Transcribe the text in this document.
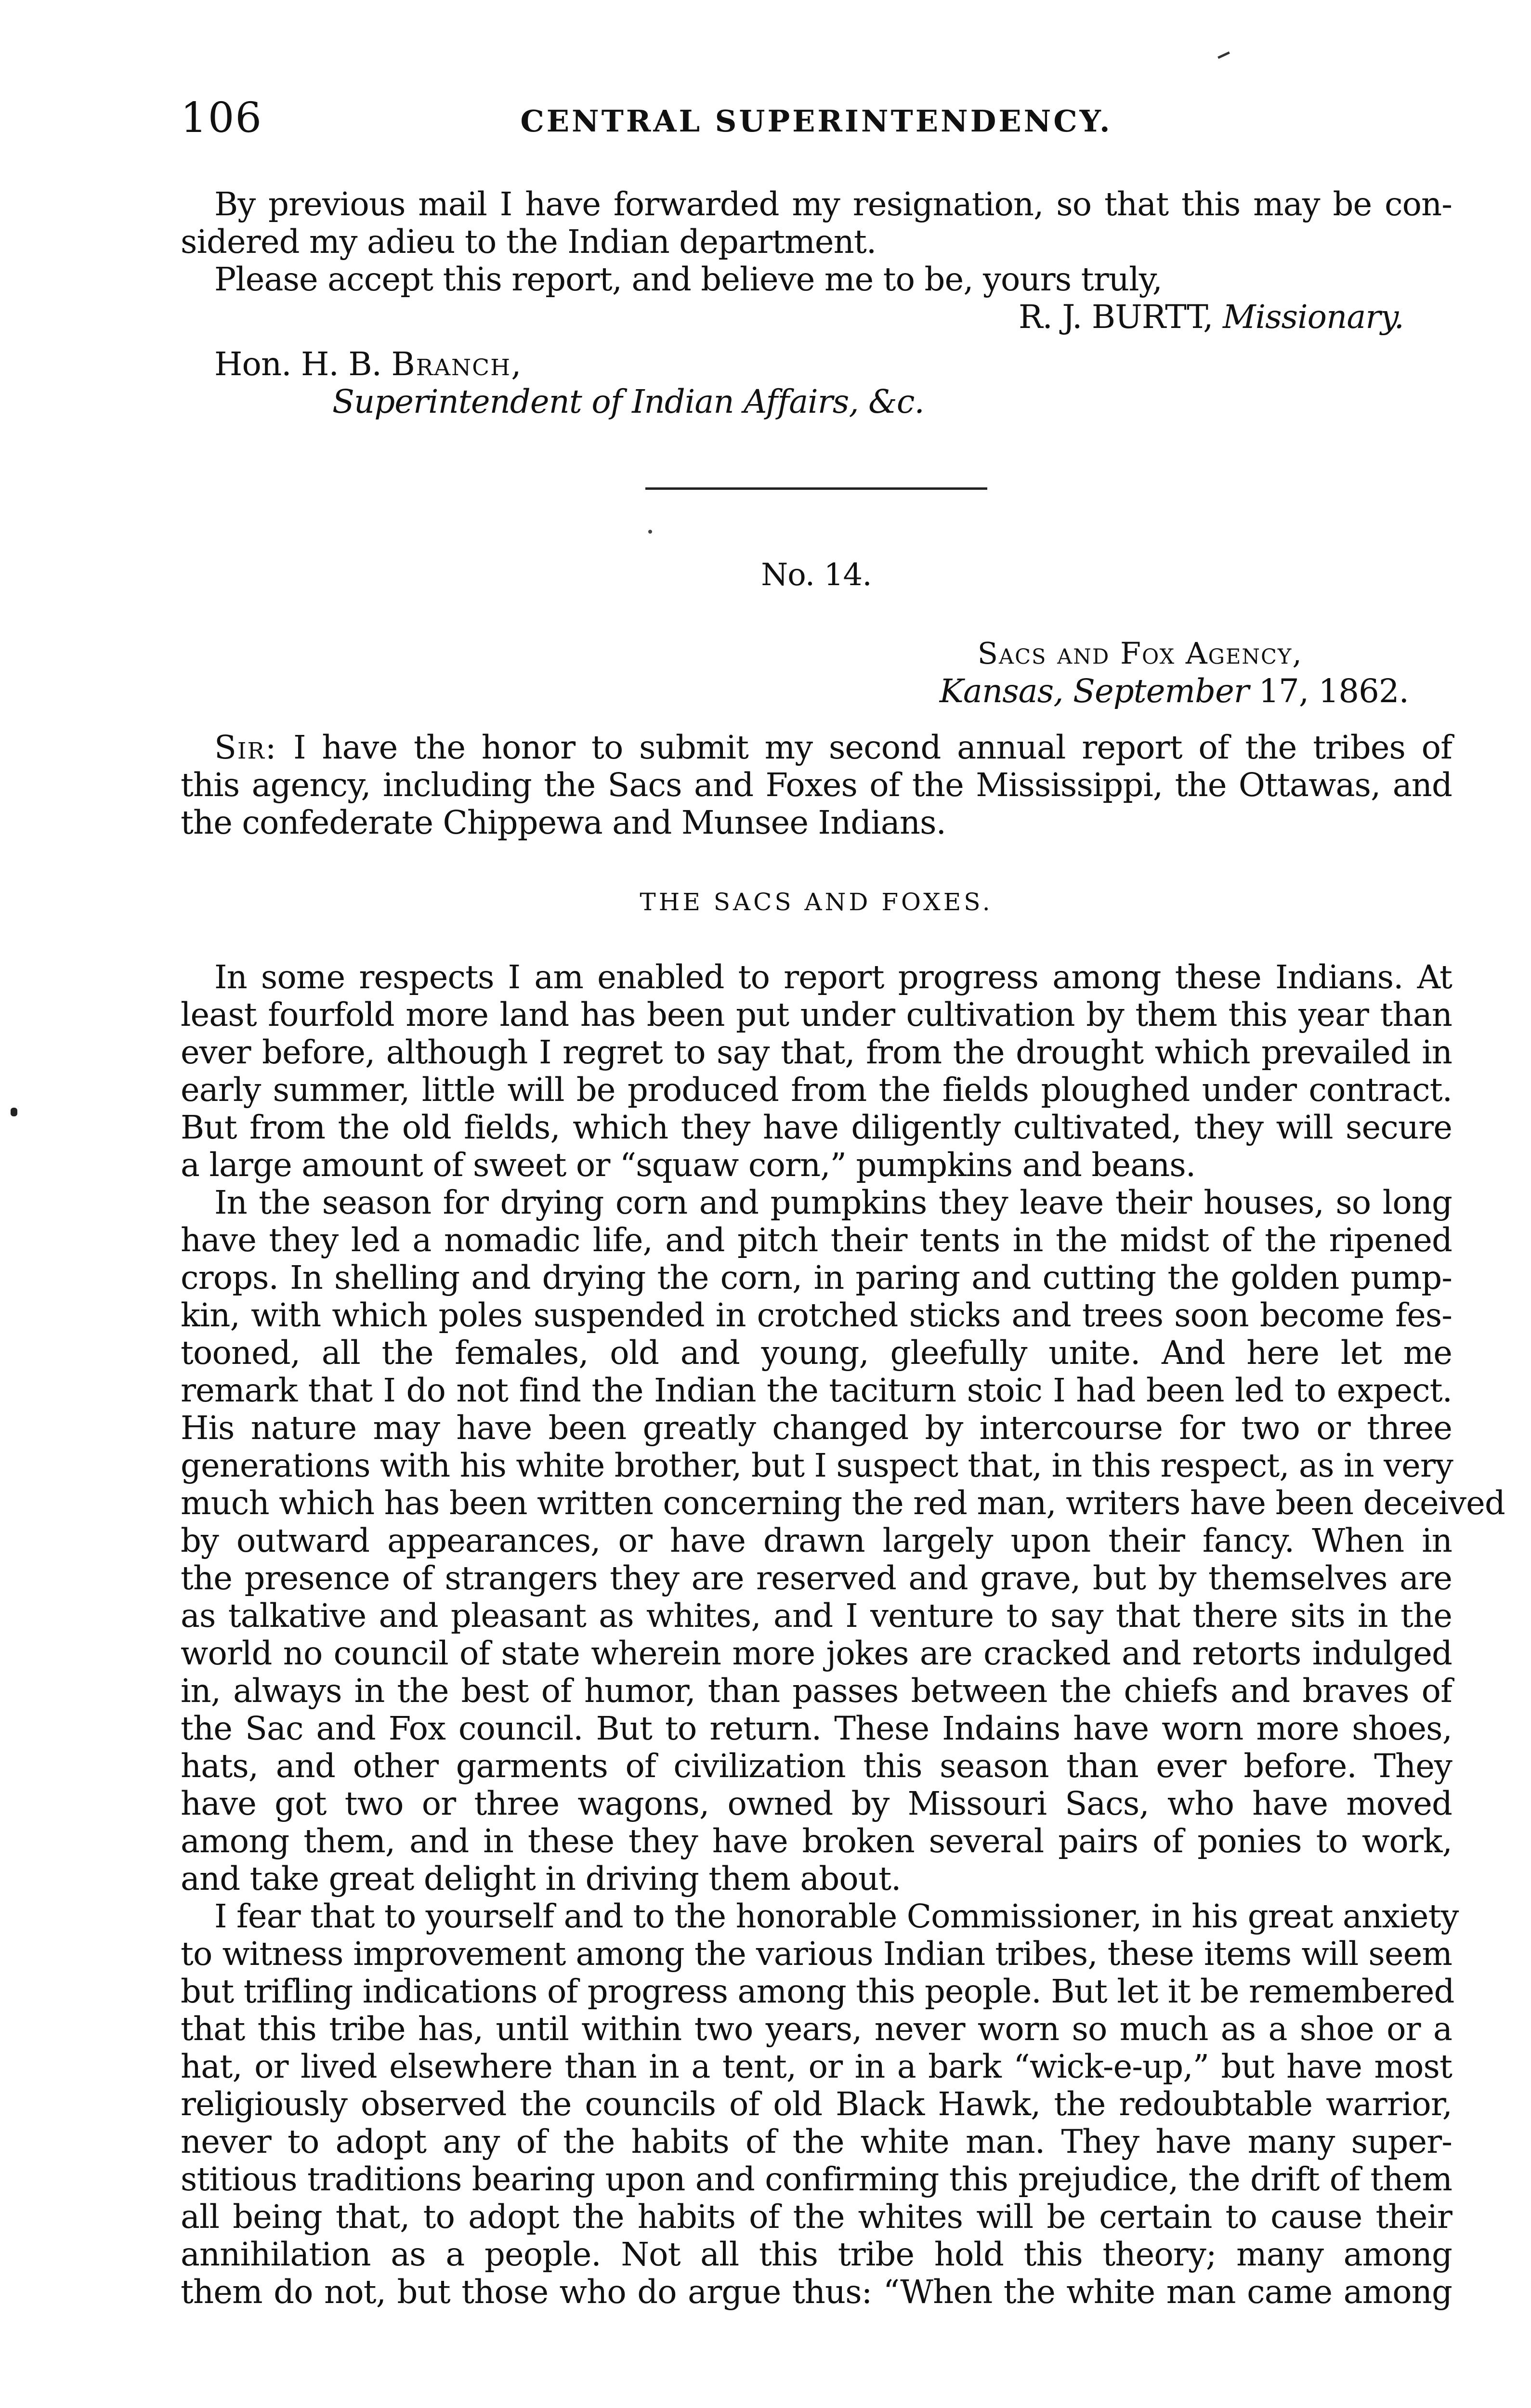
106	CENTRAL SUPERINTENDENCY.
By previous mail I have forwarded my resignation, so that this may be con-
sidered my adieu to the Indian department.
Please accept this report, and believe me to be, yours truly,
R. J. BURTT, Missionary.
Hon. H. B. Branch,
Superintendent of Indian Affairs, &c.
No. 14.
Sacs and Fox Agency,
Kansas, September 17, 1862.
Sir: I have the honor to submit my second annual report of the tribes of
this agency, including the Sacs and Foxes of the Mississippi, the Ottawas, and
the confederate Chippewa and Munsee Indians.
THE SACS AND FOXES.
In some respects I am enabled to report progress among these Indians. At
least fourfold more land has been put under cultivation by them this year than
ever before, although I regret to say that, from the drought which prevailed in
early summer, little will be produced from the fields ploughed under contract.
But from the old fields, which they have diligently cultivated, they will secure
a large amount of sweet or “squaw corn,” pumpkins and beans.
In the season for drying corn and pumpkins they leave their houses, so long
have they led a nomadic life, and pitch their tents in the midst of the ripened
crops. In shelling and drying the corn, in paring and cutting the golden pump-
kin, with which poles suspended in crotched sticks and trees soon become fes-
tooned, all the females, old and young, gleefully unite. And here let me
remark that I do not find the Indian the taciturn stoic I had been led to expect.
His nature may have been greatly changed by intercourse for two or three
generations with his white brother, but I suspect that, in this respect, as in very
much which has been written concerning the red man, writers have been deceived
by outward appearances, or have drawn largely upon their fancy. When in
the presence of strangers they are reserved and grave, but by themselves are
as talkative and pleasant as whites, and I venture to say that there sits in the
world no council of state wherein more jokes are cracked and retorts indulged
in, always in the best of humor, than passes between the chiefs and braves of
the Sac and Fox council. But to return. These Indains have worn more shoes,
hats, and other garments of civilization this season than ever before. They
have got two or three wagons, owned by Missouri Sacs, who have moved
among them, and in these they have broken several pairs of ponies to work,
and take great delight in driving them about.
I fear that to yourself and to the honorable Commissioner, in his great anxiety
to witness improvement among the various Indian tribes, these items will seem
but trifling indications of progress among this people. But let it be remembered
that this tribe has, until within two years, never worn so much as a shoe or a
hat, or lived elsewhere than in a tent, or in a bark “wick-e-up,” but have most
religiously observed the councils of old Black Hawk, the redoubtable warrior,
never to adopt any of the habits of the white man. They have many super-
stitious traditions bearing upon and confirming this prejudice, the drift of them
all being that, to adopt the habits of the whites will be certain to cause their
annihilation as a people. Not all this tribe hold this theory; many among
them do not, but those who do argue thus: “When the white man came among
